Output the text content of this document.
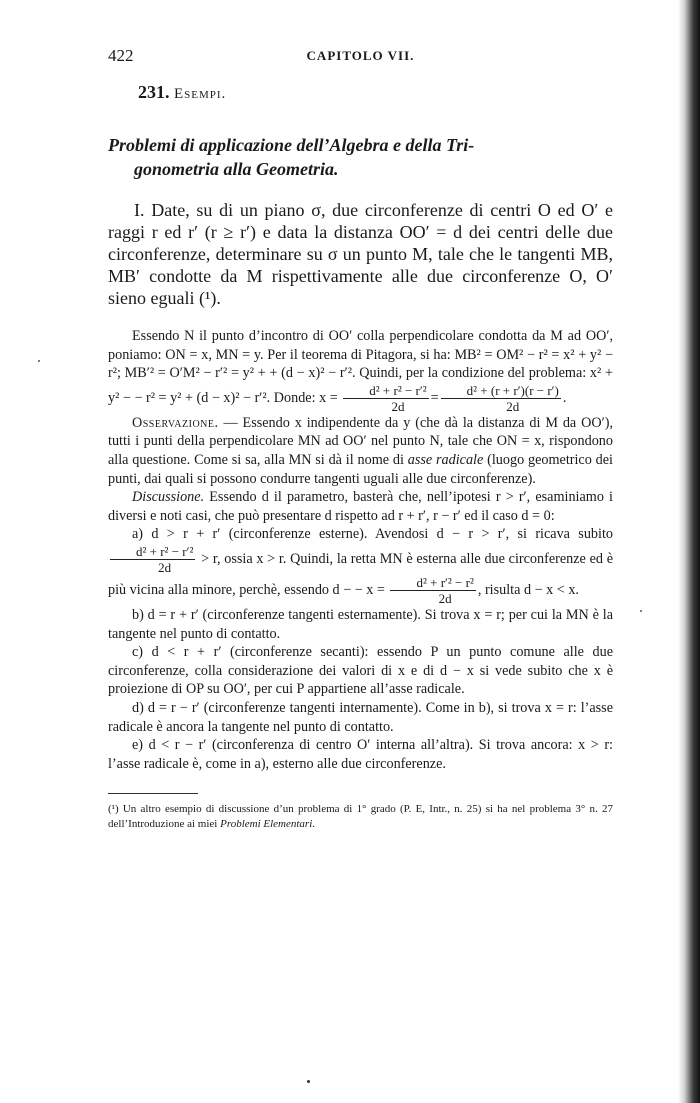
422	CAPITOLO VII.
231. Esempi.
Problemi di applicazione dell’Algebra e della Tri-
gonometria alla Geometria.
I. Date, su di un piano σ, due circonferenze di centri O ed O′ e raggi r ed r′ (r ≥ r′) e data la distanza OO′ = d dei centri delle due circonferenze, determinare su σ un punto M, tale che le tangenti MB, MB′ condotte da M rispettivamente alle due circonferenze O, O′ sieno eguali (¹).

Essendo N il punto d’incontro di OO′ colla perpendicolare condotta da M ad OO′, poniamo: ON = x, MN = y. Per il teorema di Pitagora, si ha: MB² = OM² − r² = x² + y² − r²; MB′² = O′M² − r′² = y² + + (d − x)² − r′². Quindi, per la condizione del problema: x² + y² − − r² = y² + (d − x)² − r′². Donde: $x = \frac{\text{d² + r² − r′²}}{2d} = \frac{\text{d² + (r + r′)(r − r′)}}{2d}$ .

Osservazione. — Essendo x indipendente da y (che dà la distanza di M da OO′), tutti i punti della perpendicolare MN ad OO′ nel punto N, tale che ON = x, rispondono alla questione. Come si sa, alla MN si dà il nome di asse radicale (luogo geometrico dei punti, dai quali si possono condurre tangenti uguali alle due circonferenze).

Discussione. Essendo d il parametro, basterà che, nell’ipotesi r > r′, esaminiamo i diversi e noti casi, che può presentare d rispetto ad r + r′, r − r′ ed il caso d = 0:

a) d > r + r′ (circonferenze esterne). Avendosi d − r > r′, si ricava subito
$\frac{\text{d² + r² − r′²}}{2d} > r$, ossia x > r. Quindi, la retta MN è esterna alle due circonferenze ed è più vicina alla minore, perchè, essendo d − − $x = \frac{\text{d² + r′² − r²}}{2d}$ , risulta d − x < x.

b) d = r + r′ (circonferenze tangenti esternamente). Si trova x = r; per cui la MN è la tangente nel punto di contatto.

c) d < r + r′ (circonferenze secanti): essendo P un punto comune alle due circonferenze, colla considerazione dei valori di x e di d − x si vede subito che x è proiezione di OP su OO′, per cui P appartiene all’asse radicale.

d) d = r − r′ (circonferenze tangenti internamente). Come in b), si trova x = r: l’asse radicale è ancora la tangente nel punto di contatto.

e) d < r − r′ (circonferenza di centro O′ interna all’altra). Si trova ancora: x > r: l’asse radicale è, come in a), esterno alle due circonferenze.

(¹) Un altro esempio di discussione d’un problema di 1° grado (P. E, Intr., n. 25) si ha nel problema 3° n. 27 dell’Introduzione ai miei Problemi Elementari.
